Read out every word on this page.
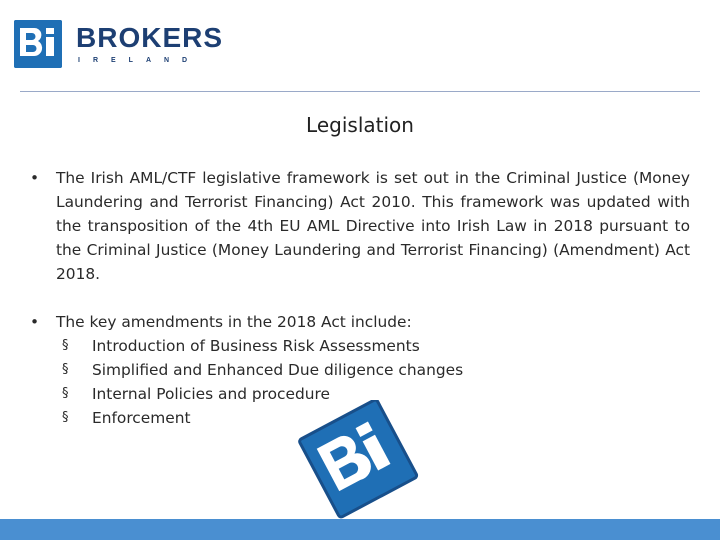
BROKERS
IRELAND
Legislation
• The Irish AML/CTF legislative framework is set out in the Criminal Justice (Money Laundering and Terrorist Financing) Act 2010. This framework was updated with the transposition of the 4th EU AML Directive into Irish Law in 2018 pursuant to the Criminal Justice (Money Laundering and Terrorist Financing) (Amendment) Act 2018.
• The key amendments in the 2018 Act include:
§ Introduction of Business Risk Assessments
§ Simplified and Enhanced Due diligence changes
§ Internal Policies and procedure
§ Enforcement
